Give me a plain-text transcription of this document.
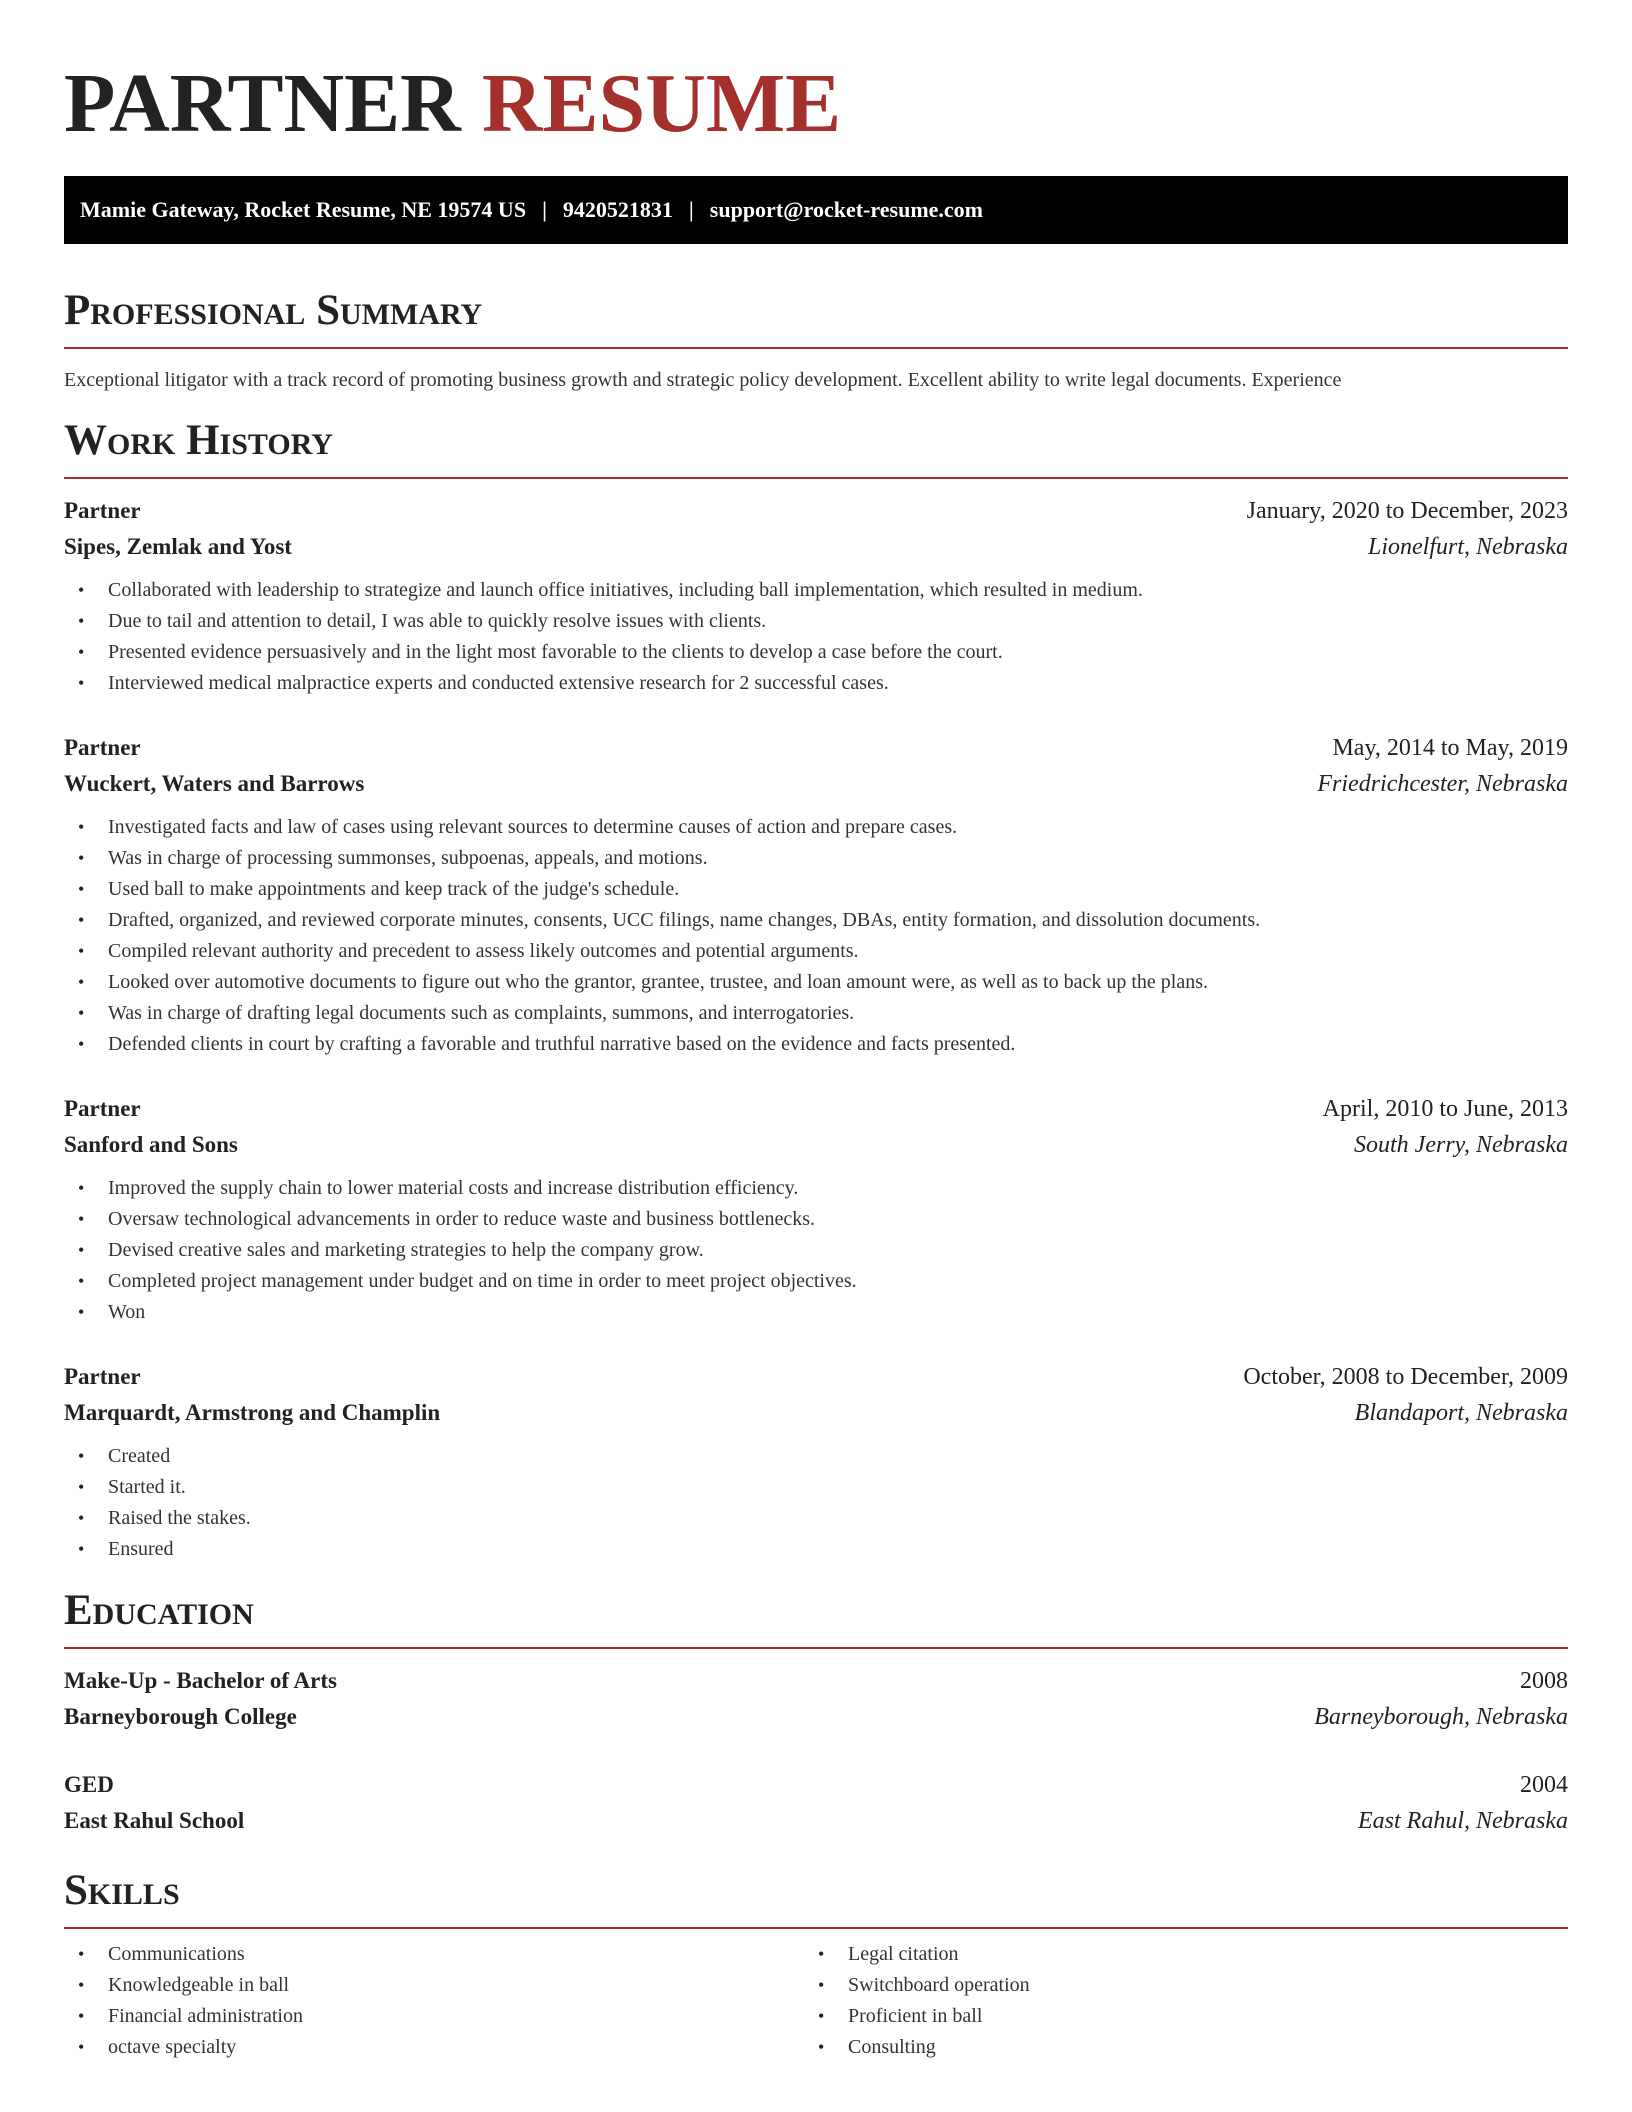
PARTNER RESUME
Mamie Gateway, Rocket Resume, NE 19574 US | 9420521831 | support@rocket-resume.com
Professional Summary

Exceptional litigator with a track record of promoting business growth and strategic policy development. Excellent ability to write legal documents. Experience

Work History
Partner	January, 2020 to December, 2023
Sipes, Zemlak and Yost	Lionelfurt, Nebraska
• Collaborated with leadership to strategize and launch office initiatives, including ball implementation, which resulted in medium.
• Due to tail and attention to detail, I was able to quickly resolve issues with clients.
• Presented evidence persuasively and in the light most favorable to the clients to develop a case before the court.
• Interviewed medical malpractice experts and conducted extensive research for 2 successful cases.
Partner	May, 2014 to May, 2019
Wuckert, Waters and Barrows	Friedrichcester, Nebraska
• Investigated facts and law of cases using relevant sources to determine causes of action and prepare cases.
• Was in charge of processing summonses, subpoenas, appeals, and motions.
• Used ball to make appointments and keep track of the judge's schedule.
• Drafted, organized, and reviewed corporate minutes, consents, UCC filings, name changes, DBAs, entity formation, and dissolution documents.
• Compiled relevant authority and precedent to assess likely outcomes and potential arguments.
• Looked over automotive documents to figure out who the grantor, grantee, trustee, and loan amount were, as well as to back up the plans.
• Was in charge of drafting legal documents such as complaints, summons, and interrogatories.
• Defended clients in court by crafting a favorable and truthful narrative based on the evidence and facts presented.
Partner	April, 2010 to June, 2013
Sanford and Sons	South Jerry, Nebraska
• Improved the supply chain to lower material costs and increase distribution efficiency.
• Oversaw technological advancements in order to reduce waste and business bottlenecks.
• Devised creative sales and marketing strategies to help the company grow.
• Completed project management under budget and on time in order to meet project objectives.
• Won
Partner	October, 2008 to December, 2009
Marquardt, Armstrong and Champlin	Blandaport, Nebraska
• Created
• Started it.
• Raised the stakes.
• Ensured
Education
Make-Up - Bachelor of Arts	2008
Barneyborough College	Barneyborough, Nebraska
GED	2004
East Rahul School	East Rahul, Nebraska
Skills
• Communications
• Knowledgeable in ball
• Financial administration
• octave specialty
• Legal citation
• Switchboard operation
• Proficient in ball
• Consulting
